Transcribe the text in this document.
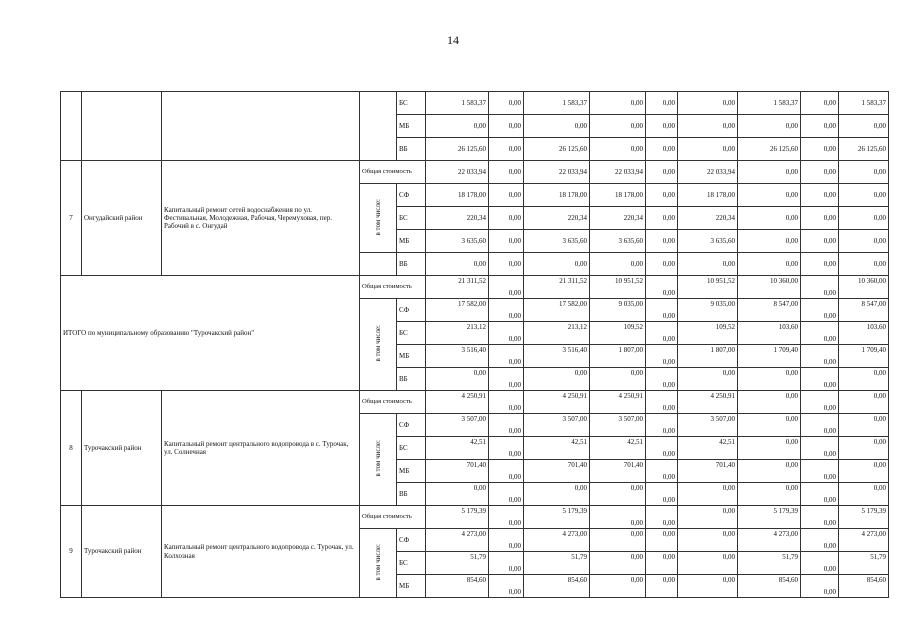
14
				БС	1 583,37	0,00	1 583,37	0,00	0,00	0,00	1 583,37	0,00	1 583,37
				МБ	0,00	0,00	0,00	0,00	0,00	0,00	0,00	0,00	0,00
				ВБ	26 125,60	0,00	26 125,60	0,00	0,00	0,00	26 125,60	0,00	26 125,60
7	Онгудайский район	Капитальный ремонт сетей водоснабжения по ул. Фестивальная, Молодежная, Рабочая, Черемуховая, пер. Рабочий в с. Онгудай	Общая стоимость		22 033,94	0,00	22 033,94	22 033,94	0,00	22 033,94	0,00	0,00	0,00
			в том числе:	СФ	18 178,00	0,00	18 178,00	18 178,00	0,00	18 178,00	0,00	0,00	0,00
				БС	220,34	0,00	220,34	220,34	0,00	220,34	0,00	0,00	0,00
				МБ	3 635,60	0,00	3 635,60	3 635,60	0,00	3 635,60	0,00	0,00	0,00
				ВБ	0,00	0,00	0,00	0,00	0,00	0,00	0,00	0,00	0,00
ИТОГО по муниципальному образованию "Турочакский район"			Общая стоимость		21 311,52	0,00	21 311,52	10 951,52	0,00	10 951,52	10 360,00	0,00	10 360,00
			в том числе:	СФ	17 582,00	0,00	17 582,00	9 035,00	0,00	9 035,00	8 547,00	0,00	8 547,00
				БС	213,12	0,00	213,12	109,52	0,00	109,52	103,60	0,00	103,60
				МБ	3 516,40	0,00	3 516,40	1 807,00	0,00	1 807,00	1 709,40	0,00	1 709,40
				ВБ	0,00	0,00	0,00	0,00	0,00	0,00	0,00	0,00	0,00
8	Турочакский район	Капитальный ремонт центрального водопровода в с. Турочак, ул. Солнечная	Общая стоимость		4 250,91	0,00	4 250,91	4 250,91	0,00	4 250,91	0,00	0,00	0,00
			в том числе:	СФ	3 507,00	0,00	3 507,00	3 507,00	0,00	3 507,00	0,00	0,00	0,00
				БС	42,51	0,00	42,51	42,51	0,00	42,51	0,00	0,00	0,00
				МБ	701,40	0,00	701,40	701,40	0,00	701,40	0,00	0,00	0,00
				ВБ	0,00	0,00	0,00	0,00	0,00	0,00	0,00	0,00	0,00
9	Турочакский район	Капитальный ремонт центрального водопровода с. Турочак, ул. Колхозная	Общая стоимость		5 179,39	0,00	5 179,39	0,00	0,00	0,00	5 179,39	0,00	5 179,39
			в том числе:	СФ	4 273,00	0,00	4 273,00	0,00	0,00	0,00	4 273,00	0,00	4 273,00
				БС	51,79	0,00	51,79	0,00	0,00	0,00	51,79	0,00	51,79
				МБ	854,60	0,00	854,60	0,00	0,00	0,00	854,60	0,00	854,60
